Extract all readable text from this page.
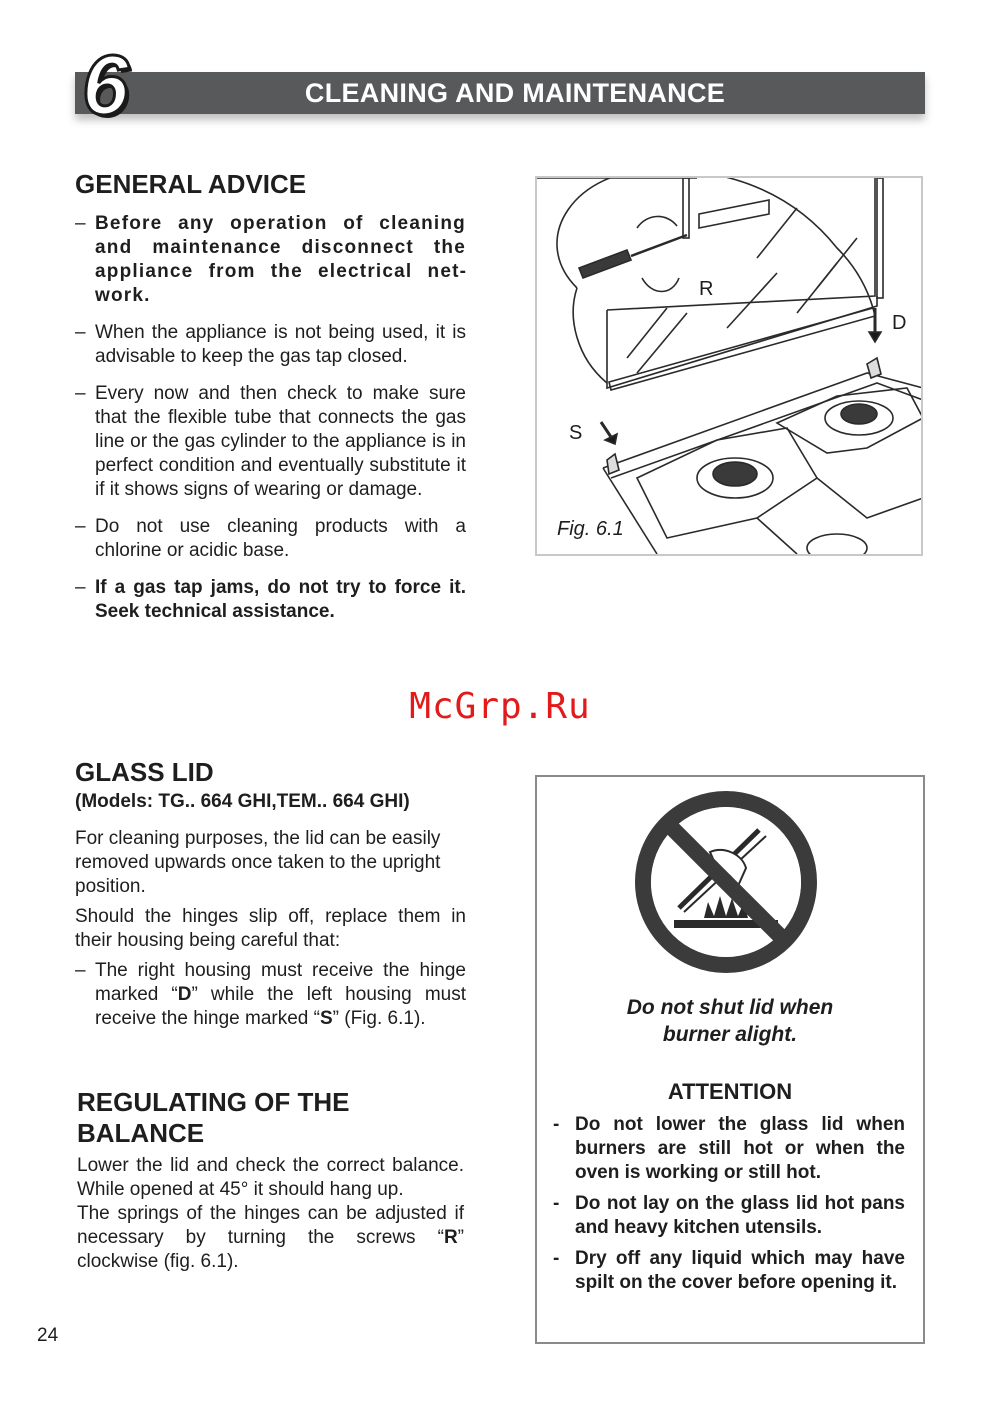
6	CLEANING AND MAINTENANCE
GENERAL ADVICE
– Before any operation of cleaning and maintenance disconnect the appliance from the electrical network.
– When the appliance is not being used, it is advisable to keep the gas tap closed.
– Every now and then check to make sure that the flexible tube that connects the gas line or the gas cylinder to the appliance is in perfect condition and eventually substitute it if it shows signs of wearing or damage.
– Do not use cleaning products with a chlorine or acidic base.
– If a gas tap jams, do not try to force it. Seek technical assistance.
R
D
S
Fig. 6.1
McGrp.Ru
GLASS LID
(Models: TG.. 664 GHI,TEM.. 664 GHI)

For cleaning purposes, the lid can be easily removed upwards once taken to the upright position.

Should the hinges slip off, replace them in their housing being careful that:

– The right housing must receive the hinge marked “D” while the left housing must receive the hinge marked “S” (Fig. 6.1).
REGULATING OF THE
BALANCE

Lower the lid and check the correct balance. While opened at 45° it should hang up.

The springs of the hinges can be adjusted if necessary by turning the screws “R” clockwise (fig. 6.1).

Do not shut lid when
burner alight.
ATTENTION
- Do not lower the glass lid when burners are still hot or when the oven is working or still hot.
- Do not lay on the glass lid hot pans and heavy kitchen utensils.
- Dry off any liquid which may have spilt on the cover before opening it.
24
